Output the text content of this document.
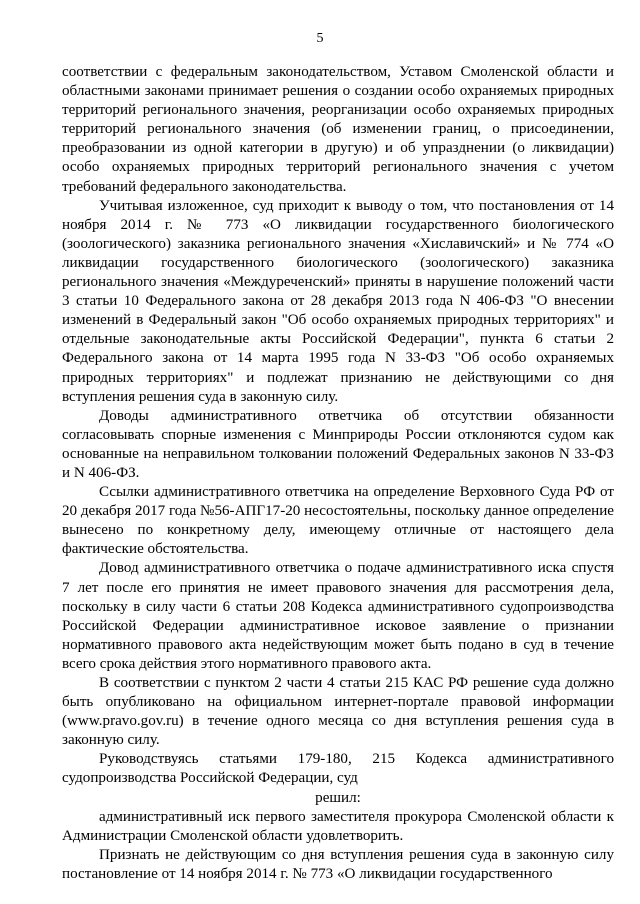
5

соответствии с федеральным законодательством, Уставом Смоленской области и областными законами принимает решения о создании особо охраняемых природных территорий регионального значения, реорганизации особо охраняемых природных территорий регионального значения (об изменении границ, о присоединении, преобразовании из одной категории в другую) и об упразднении (о ликвидации) особо охраняемых природных территорий регионального значения с учетом требований федерального законодательства.

Учитывая изложенное, суд приходит к выводу о том, что постановления от 14 ноября 2014 г. № 773 «О ликвидации государственного биологического (зоологического) заказника регионального значения «Хиславичский» и № 774 «О ликвидации государственного биологического (зоологического) заказника регионального значения «Междуреченский» приняты в нарушение положений части 3 статьи 10 Федерального закона от 28 декабря 2013 года N 406-ФЗ "О внесении изменений в Федеральный закон "Об особо охраняемых природных территориях" и отдельные законодательные акты Российской Федерации", пункта 6 статьи 2 Федерального закона от 14 марта 1995 года N 33-ФЗ "Об особо охраняемых природных территориях" и подлежат признанию не действующими со дня вступления решения суда в законную силу.

Доводы административного ответчика об отсутствии обязанности согласовывать спорные изменения с Минприроды России отклоняются судом как основанные на неправильном толковании положений Федеральных законов N 33-ФЗ и N 406-ФЗ.

Ссылки административного ответчика на определение Верховного Суда РФ от 20 декабря 2017 года №56-АПГ17-20 несостоятельны, поскольку данное определение вынесено по конкретному делу, имеющему отличные от настоящего дела фактические обстоятельства.

Довод административного ответчика о подаче административного иска спустя 7 лет после его принятия не имеет правового значения для рассмотрения дела, поскольку в силу части 6 статьи 208 Кодекса административного судопроизводства Российской Федерации административное исковое заявление о признании нормативного правового акта недействующим может быть подано в суд в течение всего срока действия этого нормативного правового акта.

В соответствии с пунктом 2 части 4 статьи 215 КАС РФ решение суда должно быть опубликовано на официальном интернет-портале правовой информации (www.pravo.gov.ru) в течение одного месяца со дня вступления решения суда в законную силу.

Руководствуясь статьями 179-180, 215 Кодекса административного судопроизводства Российской Федерации, суд

решил:

административный иск первого заместителя прокурора Смоленской области к Администрации Смоленской области удовлетворить.

Признать не действующим со дня вступления решения суда в законную силу постановление от 14 ноября 2014 г. № 773 «О ликвидации государственного
